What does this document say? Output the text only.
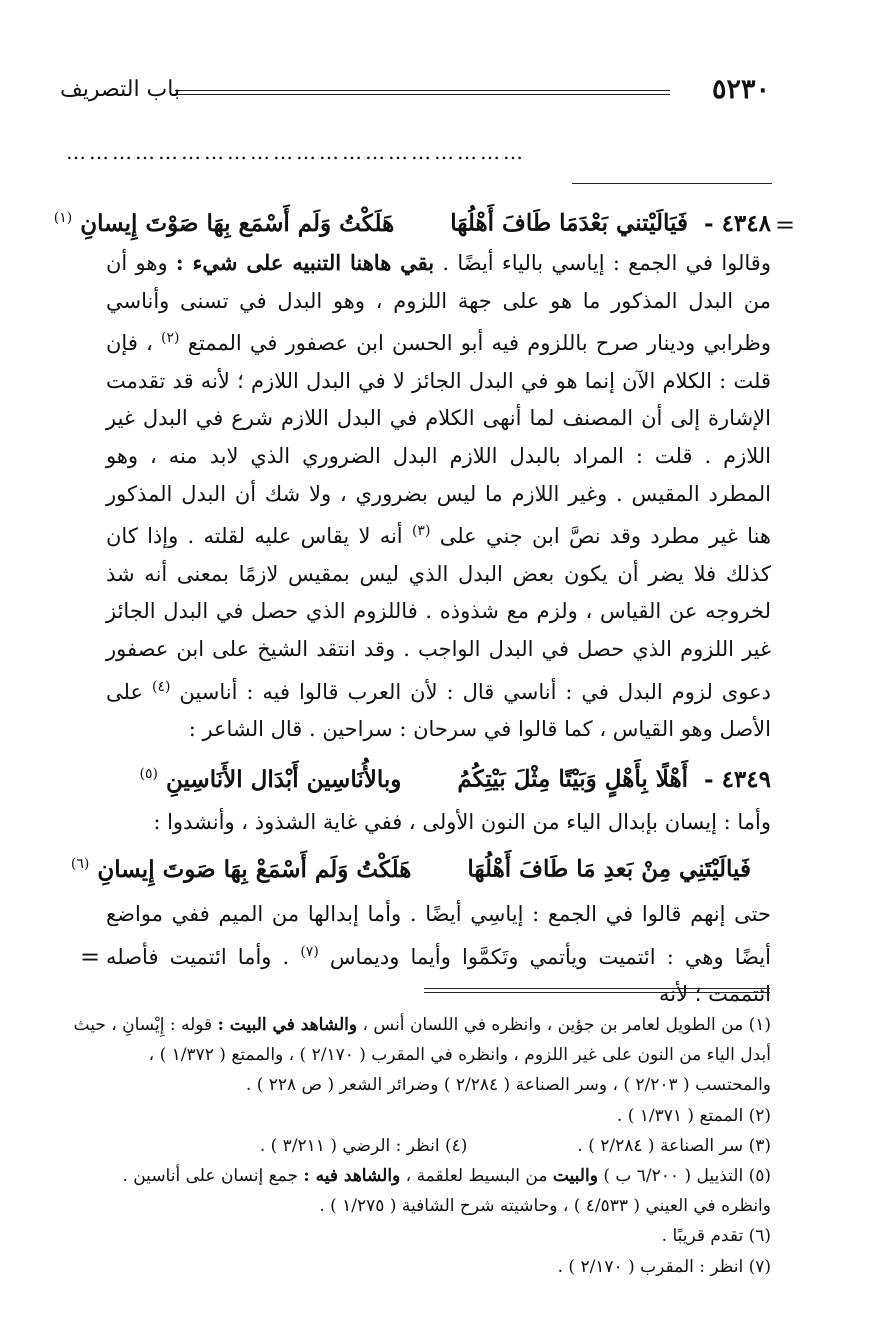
٥٢٣٠
باب التصريف
……………………………………………………
=
٤٣٤٨ - فَيَالَيْتني بَعْدَمَا طَافَ أَهْلُهَا هَلَكْتُ وَلَم أَسْمَع بِهَا صَوْتَ إِيسانِ $^{(١)}$

وقالوا في الجمع : إياسي بالياء أيضًا . بقي هاهنا التنبيه على شيء : وهو أن من البدل المذكور ما هو على جهة اللزوم ، وهو البدل في تسنى وأناسي وظرابي ودينار صرح باللزوم فيه أبو الحسن ابن عصفور في الممتع $^{(٢)}$ ، فإن قلت : الكلام الآن إنما هو في البدل الجائز لا في البدل اللازم ؛ لأنه قد تقدمت الإشارة إلى أن المصنف لما أنهى الكلام في البدل اللازم شرع في البدل غير اللازم . قلت : المراد بالبدل اللازم البدل الضروري الذي لابد منه ، وهو المطرد المقيس . وغير اللازم ما ليس بضروري ، ولا شك أن البدل المذكور هنا غير مطرد وقد نصَّ ابن جني على $^{(٣)}$ أنه لا يقاس عليه لقلته . وإذا كان كذلك فلا يضر أن يكون بعض البدل الذي ليس بمقيس لازمًا بمعنى أنه شذ لخروجه عن القياس ، ولزم مع شذوذه . فاللزوم الذي حصل في البدل الجائز غير اللزوم الذي حصل في البدل الواجب . وقد انتقد الشيخ على ابن عصفور دعوى لزوم البدل في : أناسي قال : لأن العرب قالوا فيه : أناسين $^{(٤)}$ على الأصل وهو القياس ، كما قالوا في سرحان : سراحين . قال الشاعر :

٤٣٤٩ - أَهْلًا بِأَهْلٍ وَبَيْتًا مِثْلَ بَيْتِكُمُ وبالأُنَاسِين أَبْدَال الأَنَاسِينِ $^{(٥)}$
وأما : إيسان بإبدال الياء من النون الأولى ، ففي غاية الشذوذ ، وأنشدوا :
فَيالَيْتَنِي مِنْ بَعدِ مَا طَافَ أَهْلُهَا هَلَكْتُ وَلَم أَسْمَعْ بِهَا صَوتَ إِيسانِ $^{(٦)}$

حتى إنهم قالوا في الجمع : إياسِي أيضًا . وأما إبدالها من الميم ففي مواضع أيضًا وهي : ائتميت ويأتمي وتَكمَّوا وأيما وديماس $^{(٧)}$ . وأما ائتميت فأصله ائتممت ؛ لأنه

=
(١) من الطويل لعامر بن جؤين ، وانظره في اللسان أنس ، والشاهد في البيت : قوله : إِيْسانِ ، حيث
أبدل الياء من النون على غير اللزوم ، وانظره في المقرب ( ٢/١٧٠ ) ، والممتع ( ١/٣٧٢ ) ،
والمحتسب ( ٢/٢٠٣ ) ، وسر الصناعة ( ٢/٢٨٤ ) وضرائر الشعر ( ص ٢٢٨ ) .
(٢) الممتع ( ١/٣٧١ ) .
(٣) سر الصناعة ( ٢/٢٨٤ ) .
(٤) انظر : الرضي ( ٣/٢١١ ) .
(٥) التذييل ( ٦/٢٠٠ ب ) والبيت من البسيط لعلقمة ، والشاهد فيه : جمع إنسان على أناسين .
وانظره في العيني ( ٤/٥٣٣ ) ، وحاشيته شرح الشافية ( ١/٢٧٥ ) .
(٦) تقدم قريبًا .
(٧) انظر : المقرب ( ٢/١٧٠ ) .
